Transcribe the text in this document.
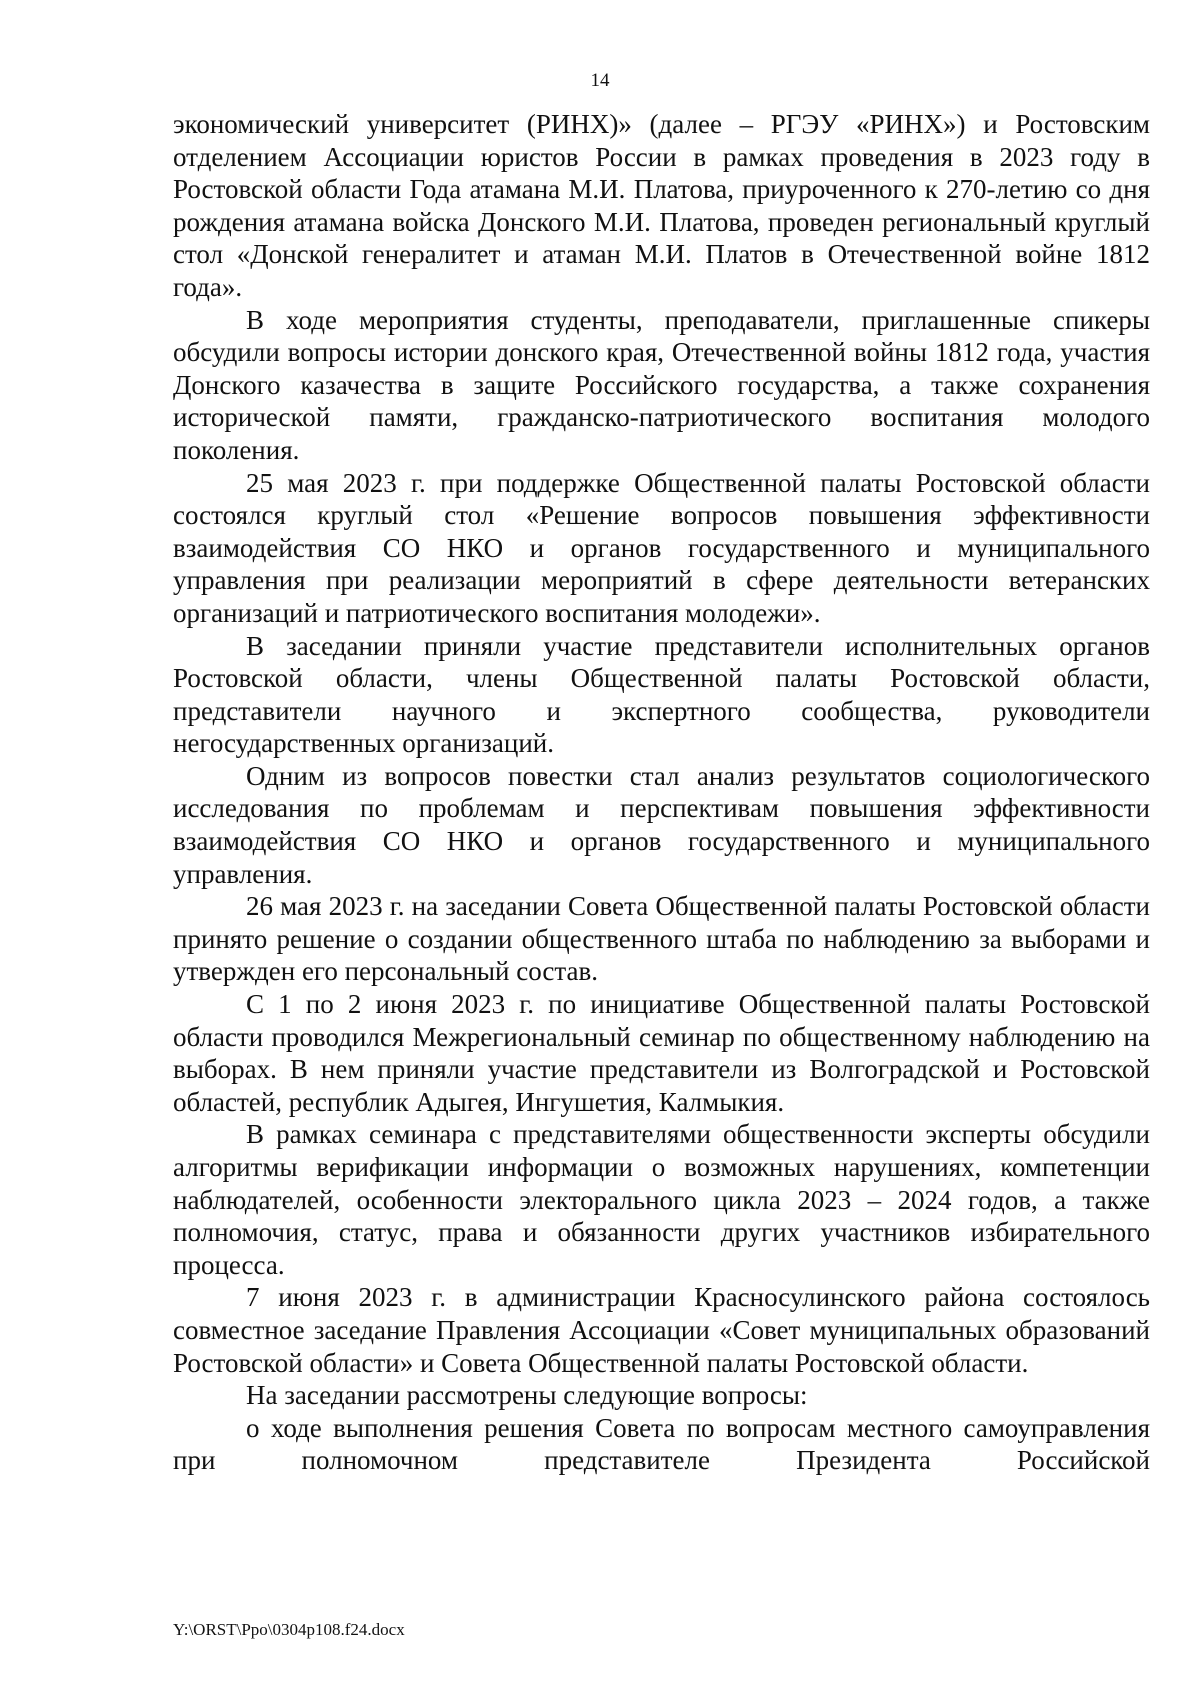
14

экономический университет (РИНХ)» (далее – РГЭУ «РИНХ») и Ростовским отделением Ассоциации юристов России в рамках проведения в 2023 году в Ростовской области Года атамана М.И. Платова, приуроченного к 270-летию со дня рождения атамана войска Донского М.И. Платова, проведен региональный круглый стол «Донской генералитет и атаман М.И. Платов в Отечественной войне 1812 года».

В ходе мероприятия студенты, преподаватели, приглашенные спикеры обсудили вопросы истории донского края, Отечественной войны 1812 года, участия Донского казачества в защите Российского государства, а также сохранения исторической памяти, гражданско-патриотического воспитания молодого поколения.

25 мая 2023 г. при поддержке Общественной палаты Ростовской области состоялся круглый стол «Решение вопросов повышения эффективности взаимодействия СО НКО и органов государственного и муниципального управления при реализации мероприятий в сфере деятельности ветеранских организаций и патриотического воспитания молодежи».

В заседании приняли участие представители исполнительных органов Ростовской области, члены Общественной палаты Ростовской области, представители научного и экспертного сообщества, руководители негосударственных организаций.

Одним из вопросов повестки стал анализ результатов социологического исследования по проблемам и перспективам повышения эффективности взаимодействия СО НКО и органов государственного и муниципального управления.

26 мая 2023 г. на заседании Совета Общественной палаты Ростовской области принято решение о создании общественного штаба по наблюдению за выборами и утвержден его персональный состав.

С 1 по 2 июня 2023 г. по инициативе Общественной палаты Ростовской области проводился Межрегиональный семинар по общественному наблюдению на выборах. В нем приняли участие представители из Волгоградской и Ростовской областей, республик Адыгея, Ингушетия, Калмыкия.

В рамках семинара с представителями общественности эксперты обсудили алгоритмы верификации информации о возможных нарушениях, компетенции наблюдателей, особенности электорального цикла 2023 – 2024 годов, а также полномочия, статус, права и обязанности других участников избирательного процесса.

7 июня 2023 г. в администрации Красносулинского района состоялось совместное заседание Правления Ассоциации «Совет муниципальных образований Ростовской области» и Совета Общественной палаты Ростовской области.

На заседании рассмотрены следующие вопросы:

о ходе выполнения решения Совета по вопросам местного самоуправления при полномочном представителе Президента Российской

Y:\ORST\Ppo\0304p108.f24.docx
